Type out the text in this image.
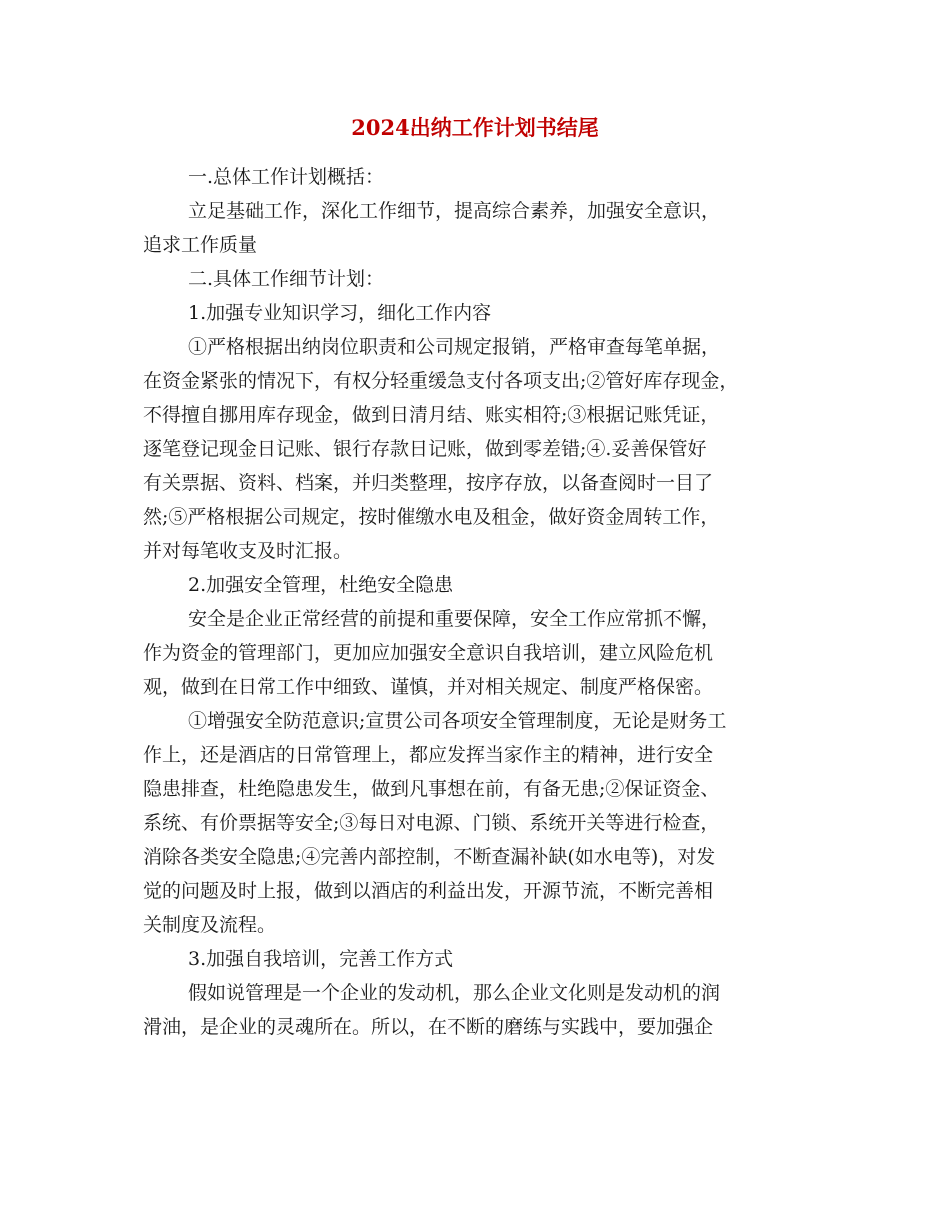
2024出纳工作计划书结尾

一.总体工作计划概括：

立足基础工作，深化工作细节，提高综合素养，加强安全意识，
追求工作质量

二.具体工作细节计划：

1.加强专业知识学习，细化工作内容

①严格根据出纳岗位职责和公司规定报销，严格审查每笔单据，
在资金紧张的情况下，有权分轻重缓急支付各项支出;②管好库存现金，
不得擅自挪用库存现金，做到日清月结、账实相符;③根据记账凭证，
逐笔登记现金日记账、银行存款日记账，做到零差错;④.妥善保管好
有关票据、资料、档案，并归类整理，按序存放，以备查阅时一目了
然;⑤严格根据公司规定，按时催缴水电及租金，做好资金周转工作，
并对每笔收支及时汇报。

2.加强安全管理，杜绝安全隐患

安全是企业正常经营的前提和重要保障，安全工作应常抓不懈，
作为资金的管理部门，更加应加强安全意识自我培训，建立风险危机
观，做到在日常工作中细致、谨慎，并对相关规定、制度严格保密。

①增强安全防范意识;宣贯公司各项安全管理制度，无论是财务工
作上，还是酒店的日常管理上，都应发挥当家作主的精神，进行安全
隐患排查，杜绝隐患发生，做到凡事想在前，有备无患;②保证资金、
系统、有价票据等安全;③每日对电源、门锁、系统开关等进行检查，
消除各类安全隐患;④完善内部控制，不断查漏补缺(如水电等)，对发
觉的问题及时上报，做到以酒店的利益出发，开源节流，不断完善相
关制度及流程。

3.加强自我培训，完善工作方式

假如说管理是一个企业的发动机，那么企业文化则是发动机的润
滑油，是企业的灵魂所在。所以，在不断的磨练与实践中，要加强企
